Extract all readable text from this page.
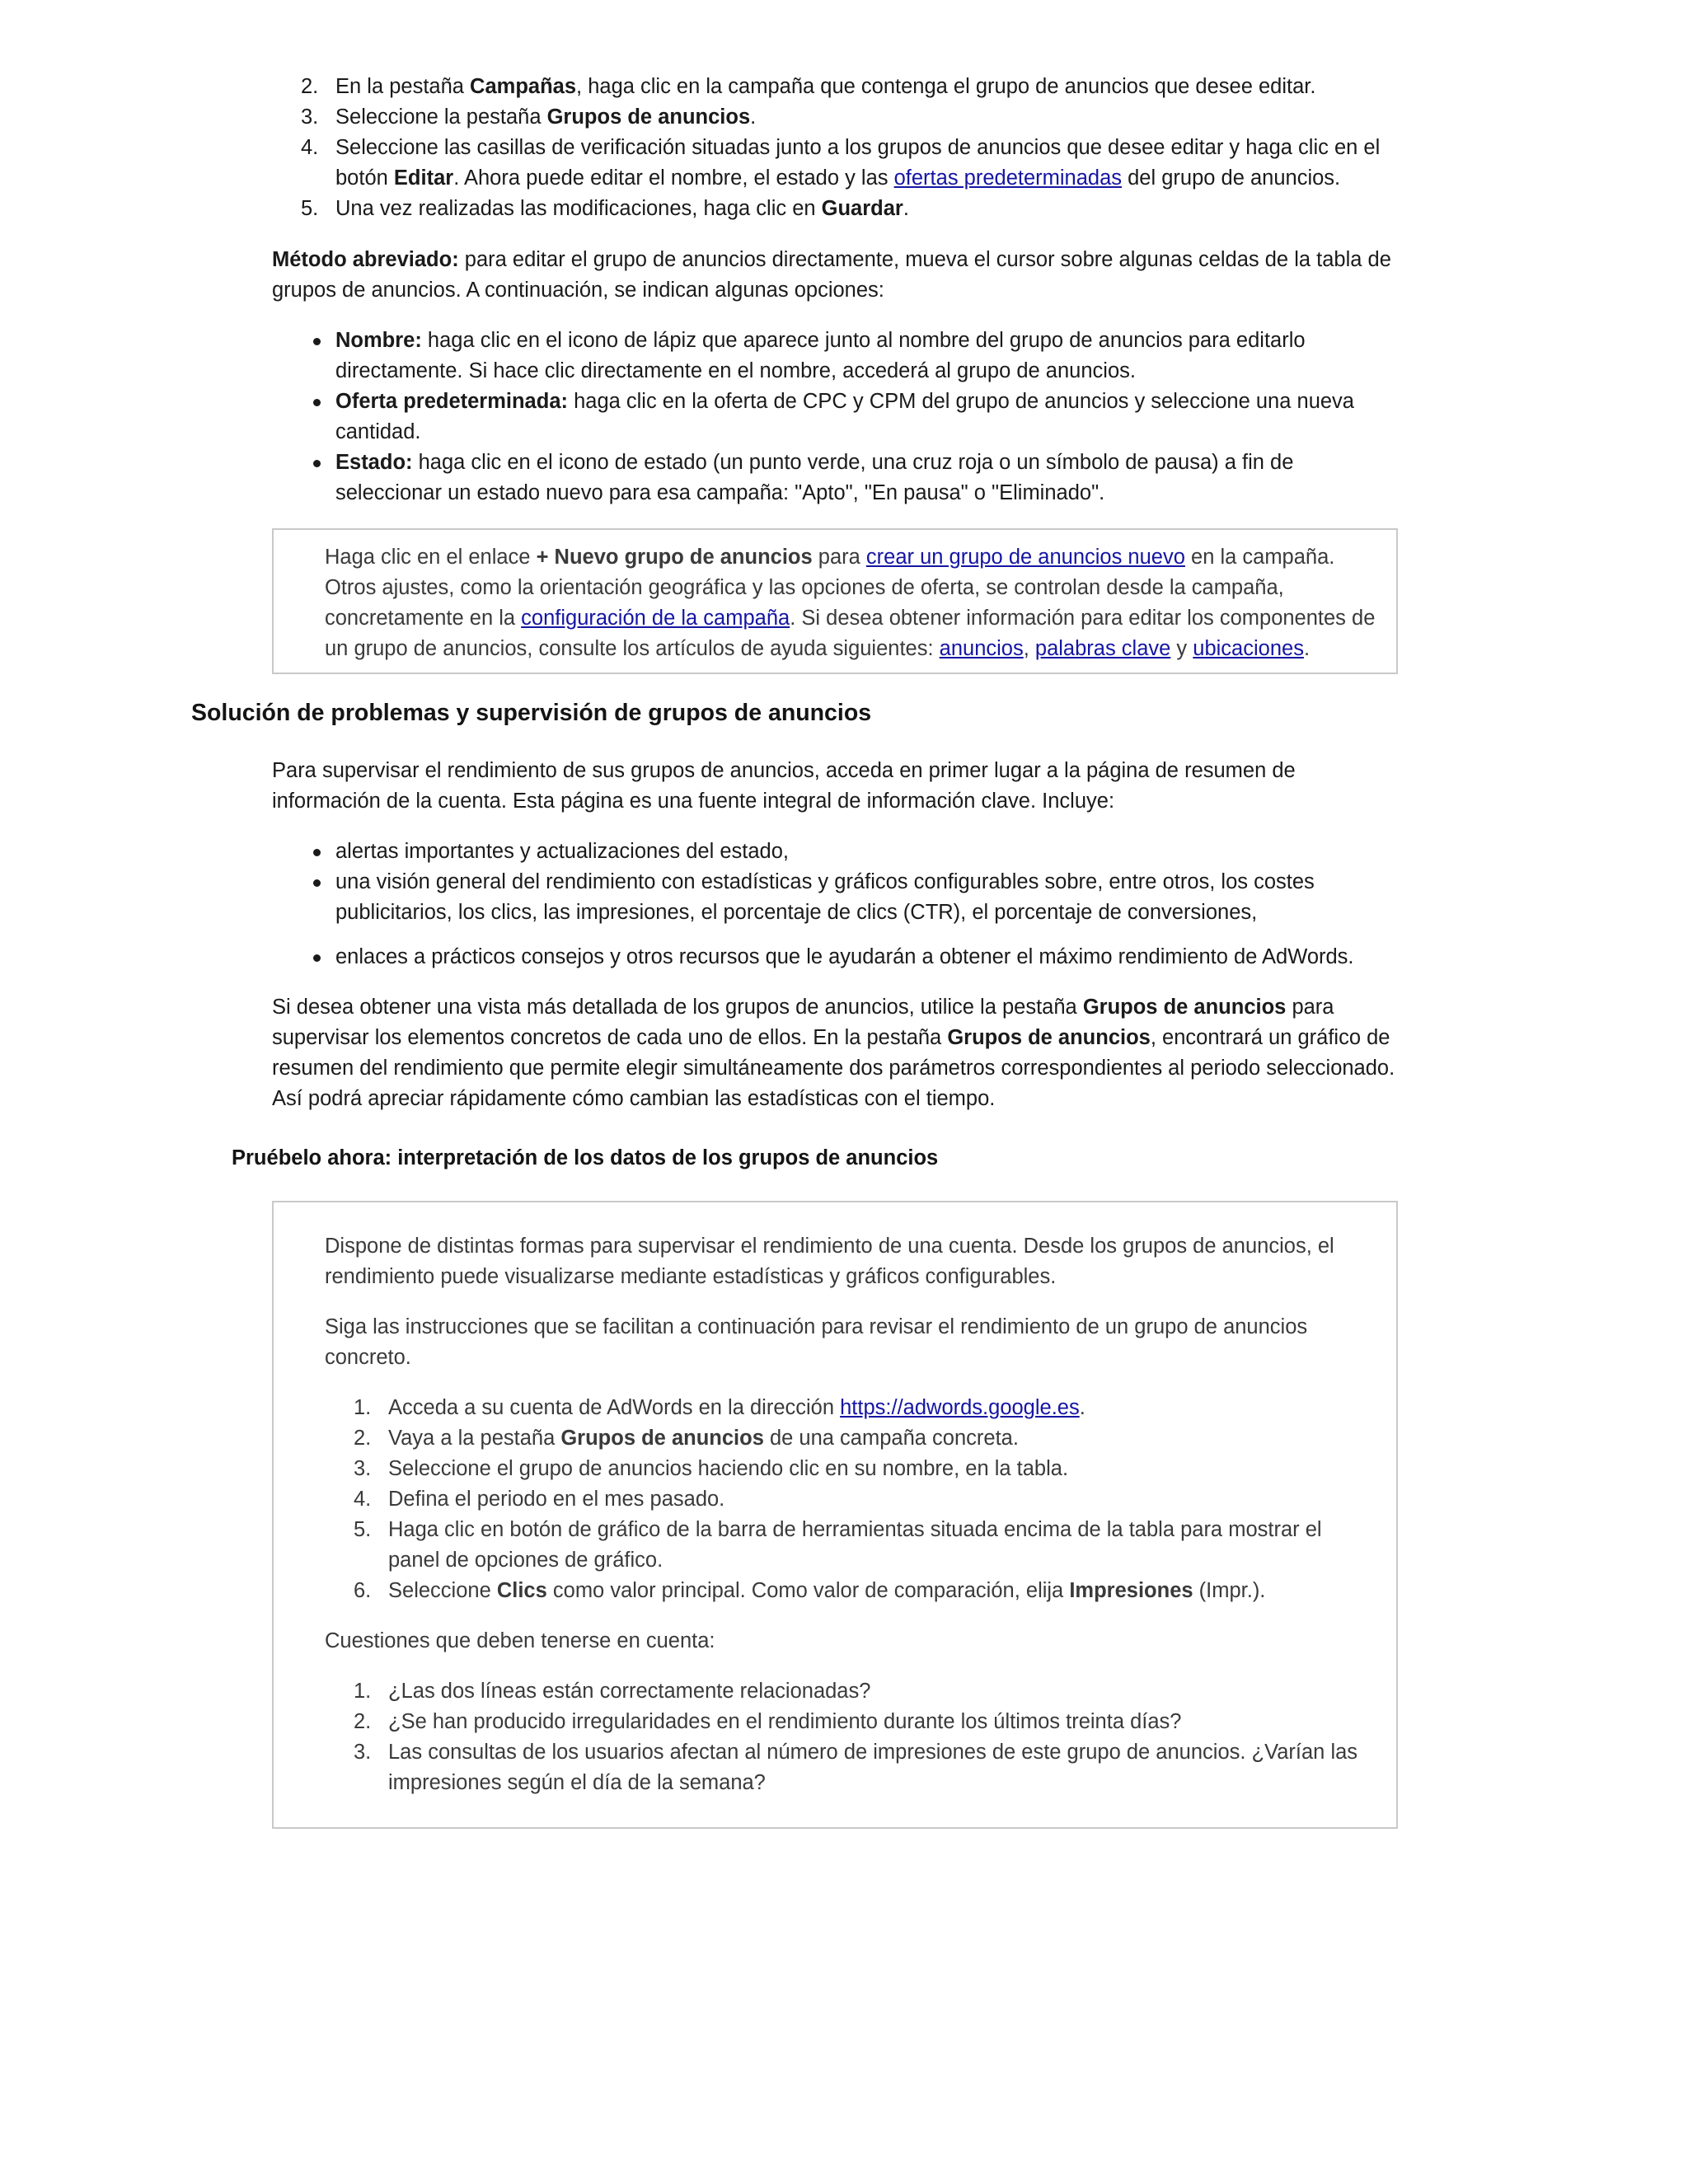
2. En la pestaña Campañas, haga clic en la campaña que contenga el grupo de anuncios que desee editar.
3. Seleccione la pestaña Grupos de anuncios.
4. Seleccione las casillas de verificación situadas junto a los grupos de anuncios que desee editar y haga clic en el botón Editar. Ahora puede editar el nombre, el estado y las ofertas predeterminadas del grupo de anuncios.
5. Una vez realizadas las modificaciones, haga clic en Guardar.

Método abreviado: para editar el grupo de anuncios directamente, mueva el cursor sobre algunas celdas de la tabla de grupos de anuncios. A continuación, se indican algunas opciones:

Nombre: haga clic en el icono de lápiz que aparece junto al nombre del grupo de anuncios para editarlo directamente. Si hace clic directamente en el nombre, accederá al grupo de anuncios.
Oferta predeterminada: haga clic en la oferta de CPC y CPM del grupo de anuncios y seleccione una nueva cantidad.
Estado: haga clic en el icono de estado (un punto verde, una cruz roja o un símbolo de pausa) a fin de seleccionar un estado nuevo para esa campaña: "Apto", "En pausa" o "Eliminado".

Haga clic en el enlace + Nuevo grupo de anuncios para crear un grupo de anuncios nuevo en la campaña. Otros ajustes, como la orientación geográfica y las opciones de oferta, se controlan desde la campaña, concretamente en la configuración de la campaña. Si desea obtener información para editar los componentes de un grupo de anuncios, consulte los artículos de ayuda siguientes: anuncios, palabras clave y ubicaciones.

Solución de problemas y supervisión de grupos de anuncios

Para supervisar el rendimiento de sus grupos de anuncios, acceda en primer lugar a la página de resumen de información de la cuenta. Esta página es una fuente integral de información clave. Incluye:

alertas importantes y actualizaciones del estado,
una visión general del rendimiento con estadísticas y gráficos configurables sobre, entre otros, los costes publicitarios, los clics, las impresiones, el porcentaje de clics (CTR), el porcentaje de conversiones,
enlaces a prácticos consejos y otros recursos que le ayudarán a obtener el máximo rendimiento de AdWords.

Si desea obtener una vista más detallada de los grupos de anuncios, utilice la pestaña Grupos de anuncios para supervisar los elementos concretos de cada uno de ellos. En la pestaña Grupos de anuncios, encontrará un gráfico de resumen del rendimiento que permite elegir simultáneamente dos parámetros correspondientes al periodo seleccionado. Así podrá apreciar rápidamente cómo cambian las estadísticas con el tiempo.

Pruébelo ahora: interpretación de los datos de los grupos de anuncios

Dispone de distintas formas para supervisar el rendimiento de una cuenta. Desde los grupos de anuncios, el rendimiento puede visualizarse mediante estadísticas y gráficos configurables.

Siga las instrucciones que se facilitan a continuación para revisar el rendimiento de un grupo de anuncios concreto.

1. Acceda a su cuenta de AdWords en la dirección https://adwords.google.es.
2. Vaya a la pestaña Grupos de anuncios de una campaña concreta.
3. Seleccione el grupo de anuncios haciendo clic en su nombre, en la tabla.
4. Defina el periodo en el mes pasado.
5. Haga clic en botón de gráfico de la barra de herramientas situada encima de la tabla para mostrar el panel de opciones de gráfico.
6. Seleccione Clics como valor principal. Como valor de comparación, elija Impresiones (Impr.).

Cuestiones que deben tenerse en cuenta:

1. ¿Las dos líneas están correctamente relacionadas?
2. ¿Se han producido irregularidades en el rendimiento durante los últimos treinta días?
3. Las consultas de los usuarios afectan al número de impresiones de este grupo de anuncios. ¿Varían las impresiones según el día de la semana?
